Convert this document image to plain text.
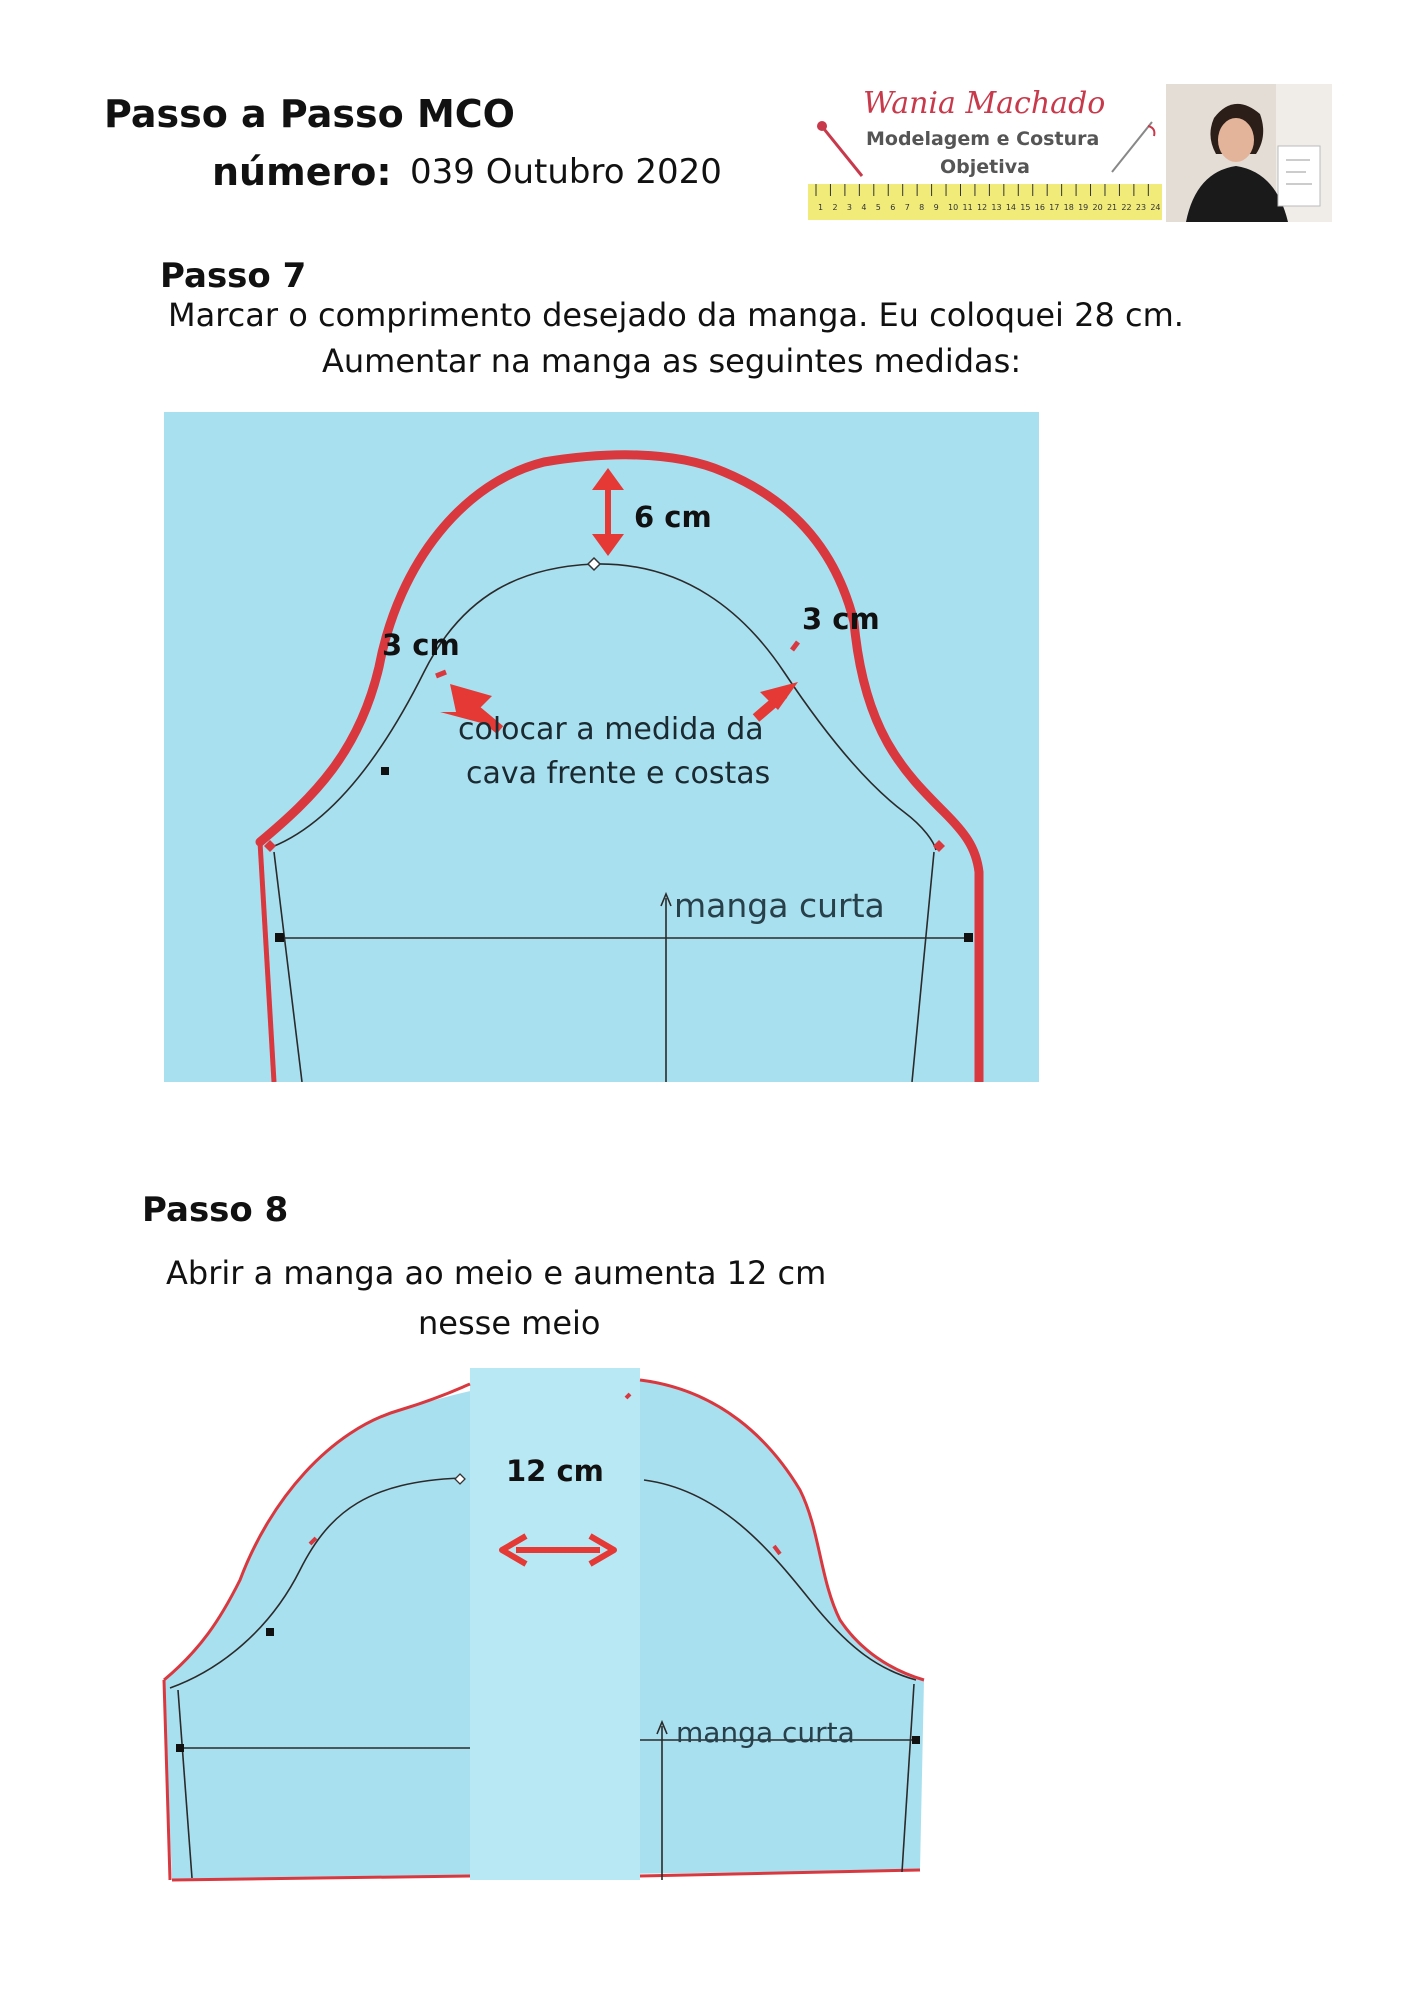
Passo a Passo MCO
número: 039 Outubro 2020
Wania Machado
Modelagem e Costura
Objetiva
1 2 3 4 5 6 7 8 9 10 11 12 13 14 15 16 17 18 19 20 21 22 23 24
Passo 7
Marcar o comprimento desejado da manga. Eu coloquei 28 cm.
Aumentar na manga as seguintes medidas:
6 cm
3 cm
3 cm
colocar a medida da
cava frente e costas
manga curta
Passo 8
Abrir a manga ao meio e aumenta 12 cm
nesse meio
12 cm
manga curta
